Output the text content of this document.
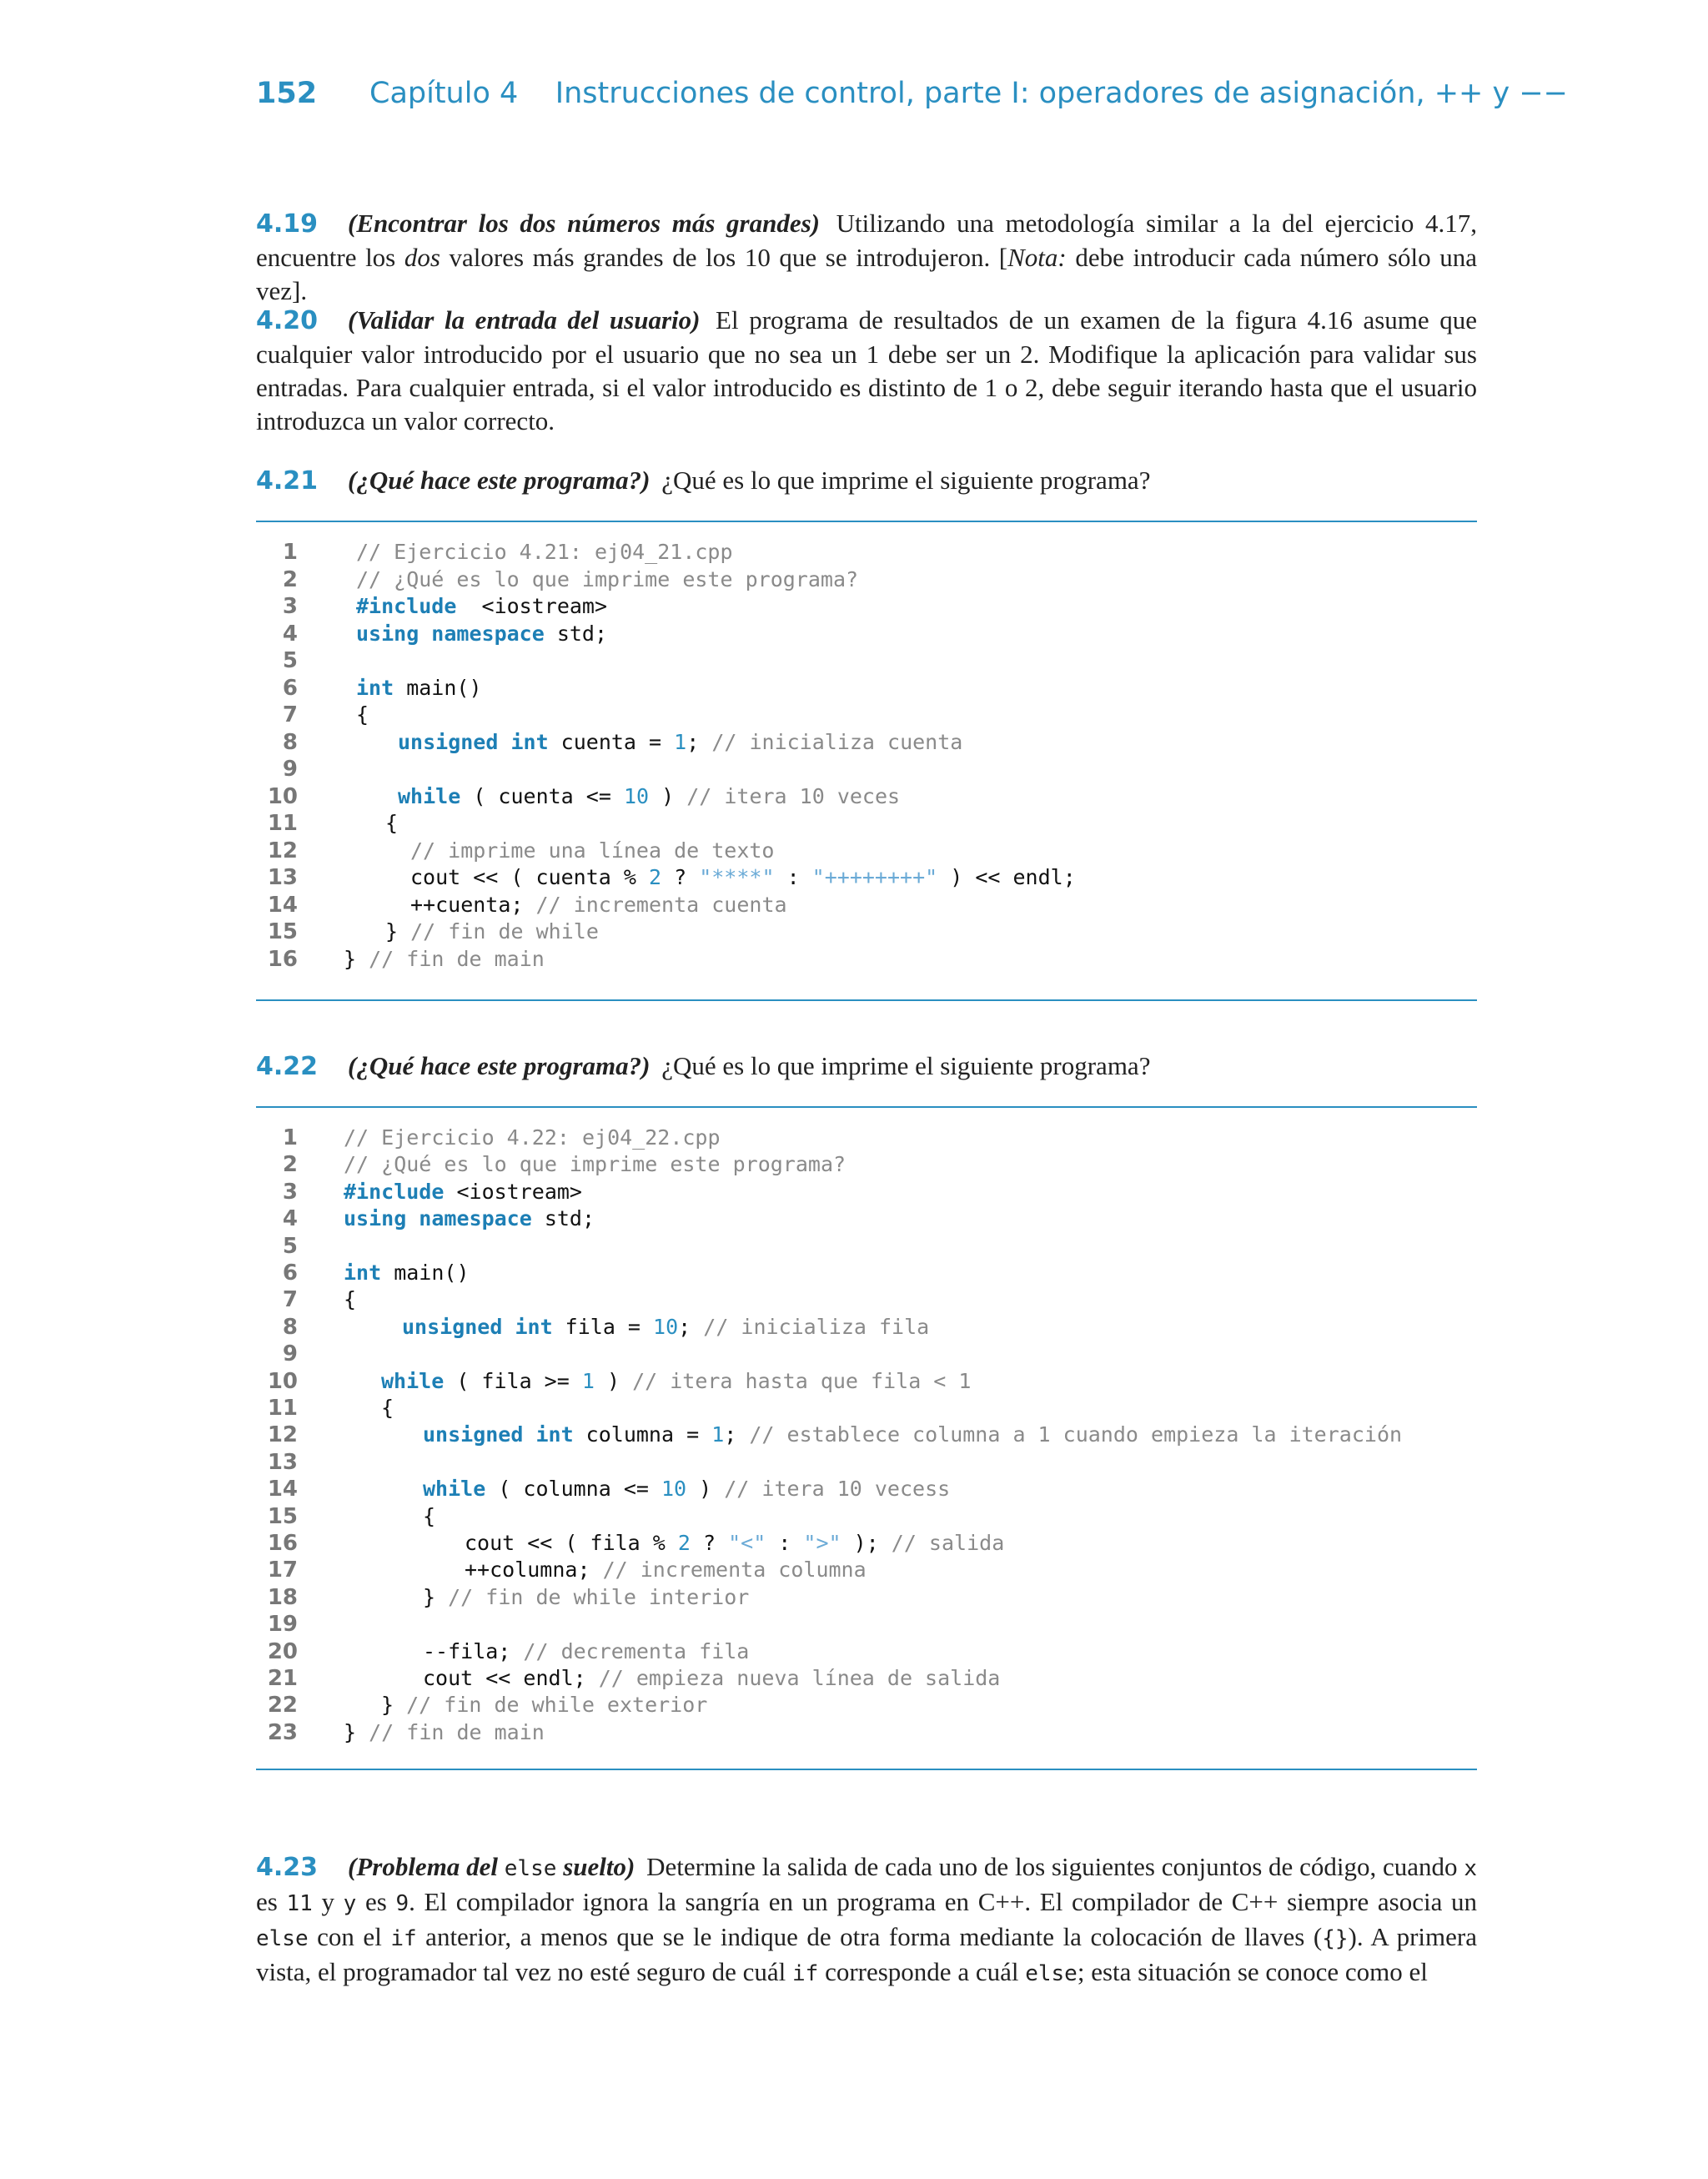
152 Capítulo 4    Instrucciones de control, parte I: operadores de asignación, ++ y −−

4.19 (Encontrar los dos números más grandes) Utilizando una metodología similar a la del ejercicio 4.17, encuentre los dos valores más grandes de los 10 que se introdujeron. [Nota: debe introducir cada número sólo una vez].

4.20 (Validar la entrada del usuario) El programa de resultados de un examen de la figura 4.16 asume que cualquier valor introducido por el usuario que no sea un 1 debe ser un 2. Modifique la aplicación para validar sus entradas. Para cualquier entrada, si el valor introducido es distinto de 1 o 2, debe seguir iterando hasta que el usuario introduzca un valor correcto.

4.21 (¿Qué hace este programa?) ¿Qué es lo que imprime el siguiente programa?

1	// Ejercicio 4.21: ej04_21.cpp
2	// ¿Qué es lo que imprime este programa?
3	#include  <iostream>
4	using namespace std;
5
6	int main()
7	{
8	unsigned int cuenta = 1; // inicializa cuenta
9
10	while ( cuenta <= 10 ) // itera 10 veces
11	{
12	// imprime una línea de texto
13	cout << ( cuenta % 2 ? "****" : "++++++++" ) << endl;
14	++cuenta; // incrementa cuenta
15	} // fin de while
16 } // fin de main

4.22 (¿Qué hace este programa?) ¿Qué es lo que imprime el siguiente programa?

1 // Ejercicio 4.22: ej04_22.cpp
2 // ¿Qué es lo que imprime este programa?
3 #include <iostream>
4 using namespace std;
5
6 int main()
7 {
8	unsigned int fila = 10; // inicializa fila
9
10	while ( fila >= 1 ) // itera hasta que fila < 1
11	{
12	unsigned int columna = 1; // establece columna a 1 cuando empieza la iteración
13
14	while ( columna <= 10 ) // itera 10 vecess
15	{
16	cout << ( fila % 2 ? "<" : ">" ); // salida
17	++columna; // incrementa columna
18	} // fin de while interior
19
20	--fila; // decrementa fila
21	cout << endl; // empieza nueva línea de salida
22	} // fin de while exterior
23 } // fin de main

4.23 (Problema del else suelto) Determine la salida de cada uno de los siguientes conjuntos de código, cuando x es 11 y y es 9. El compilador ignora la sangría en un programa en C++. El compilador de C++ siempre asocia un else con el if anterior, a menos que se le indique de otra forma mediante la colocación de llaves ({}). A primera vista, el programador tal vez no esté seguro de cuál if corresponde a cuál else; esta situación se conoce como el
